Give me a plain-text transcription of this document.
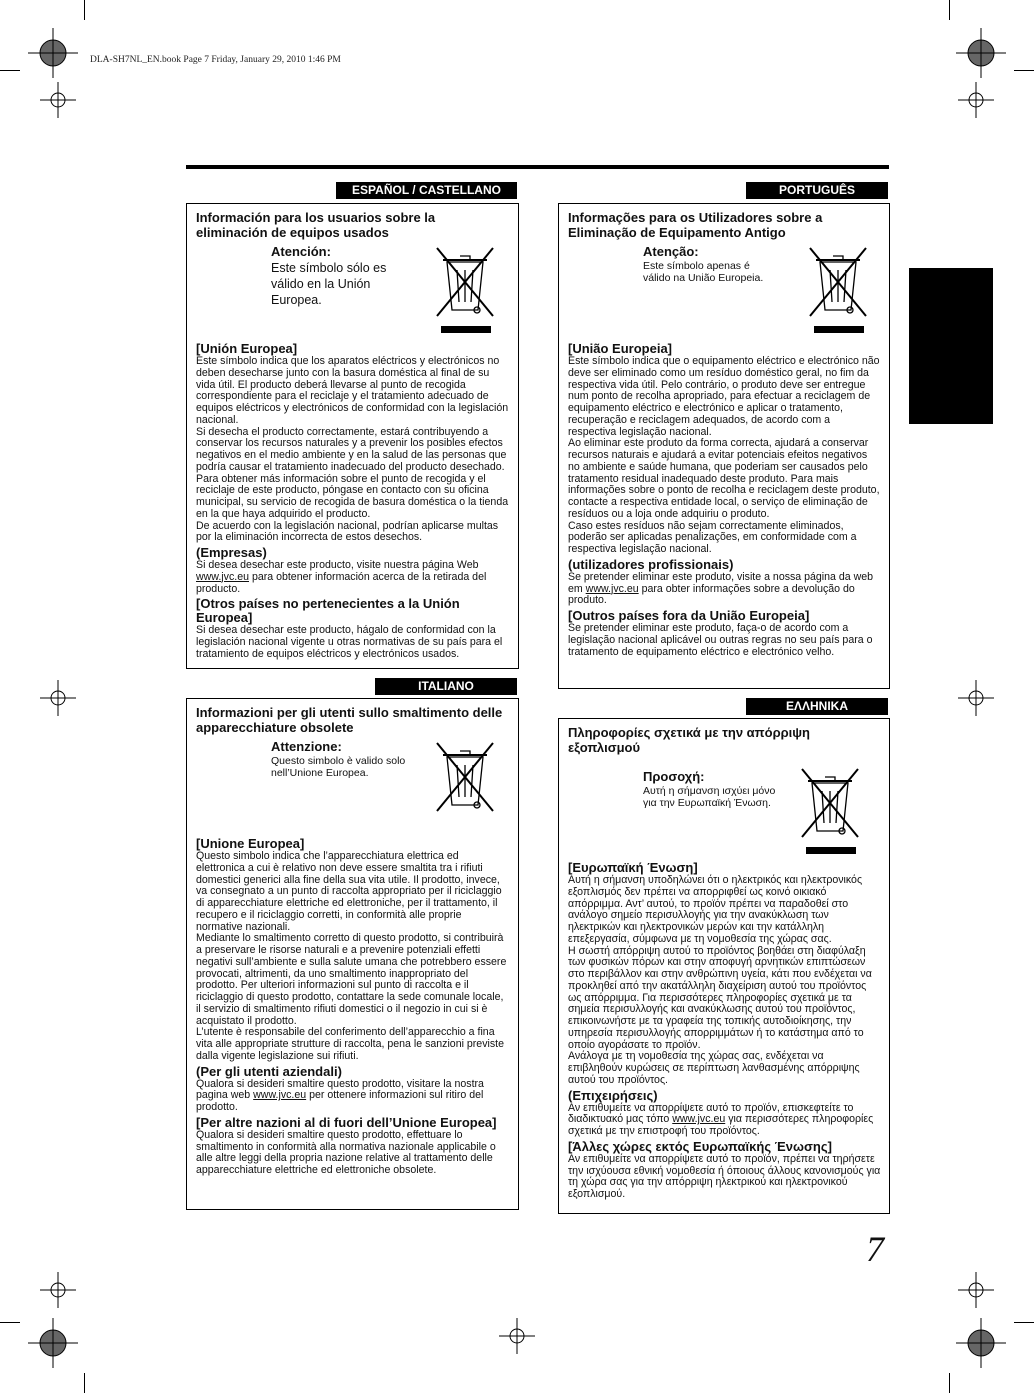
DLA-SH7NL_EN.book Page 7 Friday, January 29, 2010 1:46 PM
ESPAÑOL / CASTELLANO
Información para los usuarios sobre la eliminación de equipos usados
Atención:
Este símbolo sólo es válido en la Unión Europea.
[Unión Europea]
Este símbolo indica que los aparatos eléctricos y electrónicos no deben desecharse junto con la basura doméstica al final de su vida útil. El producto deberá llevarse al punto de recogida correspondiente para el reciclaje y el tratamiento adecuado de equipos eléctricos y electrónicos de conformidad con la legislación nacional.
Si desecha el producto correctamente, estará contribuyendo a conservar los recursos naturales y a prevenir los posibles efectos negativos en el medio ambiente y en la salud de las personas que podría causar el tratamiento inadecuado del producto desechado. Para obtener más información sobre el punto de recogida y el reciclaje de este producto, póngase en contacto con su oficina municipal, su servicio de recogida de basura doméstica o la tienda en la que haya adquirido el producto.
De acuerdo con la legislación nacional, podrían aplicarse multas por la eliminación incorrecta de estos desechos.
(Empresas)
Si desea desechar este producto, visite nuestra página Web www.jvc.eu para obtener información acerca de la retirada del producto.
[Otros países no pertenecientes a la Unión Europea]
Si desea desechar este producto, hágalo de conformidad con la legislación nacional vigente u otras normativas de su país para el tratamiento de equipos eléctricos y electrónicos usados.
PORTUGUÊS
Informações para os Utilizadores sobre a Eliminação de Equipamento Antigo
Atenção:
Este símbolo apenas é válido na União Europeia.
[União Europeia]
Este símbolo indica que o equipamento eléctrico e electrónico não deve ser eliminado como um resíduo doméstico geral, no fim da respectiva vida útil. Pelo contrário, o produto deve ser entregue num ponto de recolha apropriado, para efectuar a reciclagem de equipamento eléctrico e electrónico e aplicar o tratamento, recuperação e reciclagem adequados, de acordo com a respectiva legislação nacional.
Ao eliminar este produto da forma correcta, ajudará a conservar recursos naturais e ajudará a evitar potenciais efeitos negativos no ambiente e saúde humana, que poderiam ser causados pelo tratamento residual inadequado deste produto. Para mais informações sobre o ponto de recolha e reciclagem deste produto, contacte a respectiva entidade local, o serviço de eliminação de resíduos ou a loja onde adquiriu o produto.
Caso estes resíduos não sejam correctamente eliminados, poderão ser aplicadas penalizações, em conformidade com a respectiva legislação nacional.
(utilizadores profissionais)
Se pretender eliminar este produto, visite a nossa página da web em www.jvc.eu para obter informações sobre a devolução do produto.
[Outros países fora da União Europeia]
Se pretender eliminar este produto, faça-o de acordo com a legislação nacional aplicável ou outras regras no seu país para o tratamento de equipamento eléctrico e electrónico velho.
ITALIANO
Informazioni per gli utenti sullo smaltimento delle apparecchiature obsolete
Attenzione:
Questo simbolo è valido solo nell’Unione Europea.
[Unione Europea]
Questo simbolo indica che l’apparecchiatura elettrica ed elettronica a cui è relativo non deve essere smaltita tra i rifiuti domestici generici alla fine della sua vita utile. Il prodotto, invece, va consegnato a un punto di raccolta appropriato per il riciclaggio di apparecchiature elettriche ed elettroniche, per il trattamento, il recupero e il riciclaggio corretti, in conformità alle proprie normative nazionali.
Mediante lo smaltimento corretto di questo prodotto, si contribuirà a preservare le risorse naturali e a prevenire potenziali effetti negativi sull’ambiente e sulla salute umana che potrebbero essere provocati, altrimenti, da uno smaltimento inappropriato del prodotto. Per ulteriori informazioni sul punto di raccolta e il riciclaggio di questo prodotto, contattare la sede comunale locale, il servizio di smaltimento rifiuti domestici o il negozio in cui si è acquistato il prodotto.
L’utente è responsabile del conferimento dell’apparecchio a fina vita alle appropriate strutture di raccolta, pena le sanzioni previste dalla vigente legislazione sui rifiuti.
(Per gli utenti aziendali)
Qualora si desideri smaltire questo prodotto, visitare la nostra pagina web www.jvc.eu per ottenere informazioni sul ritiro del prodotto.
[Per altre nazioni al di fuori dell’Unione Europea]
Qualora si desideri smaltire questo prodotto, effettuare lo smaltimento in conformità alla normativa nazionale applicabile o alle altre leggi della propria nazione relative al trattamento delle apparecchiature elettriche ed elettroniche obsolete.
ΕΛΛΗΝΙΚΑ
Πληροφορίες σχετικά με την απόρριψη εξοπλισμού
Προσοχή:
Αυτή η σήμανση ισχύει μόνο για την Ευρωπαϊκή Ένωση.
[Ευρωπαϊκή Ένωση]
Αυτή η σήμανση υποδηλώνει ότι ο ηλεκτρικός και ηλεκτρονικός εξοπλισμός δεν πρέπει να απορριφθεί ως κοινό οικιακό απόρριμμα. Αντ’ αυτού, το προϊόν πρέπει να παραδοθεί στο ανάλογο σημείο περισυλλογής για την ανακύκλωση των ηλεκτρικών και ηλεκτρονικών μερών και την κατάλληλη επεξεργασία, σύμφωνα με τη νομοθεσία της χώρας σας.
Η σωστή απόρριψη αυτού το προϊόντος βοηθάει στη διαφύλαξη των φυσικών πόρων και στην αποφυγή αρνητικών επιπτώσεων στο περιβάλλον και στην ανθρώπινη υγεία, κάτι που ενδέχεται να προκληθεί από την ακατάλληλη διαχείριση αυτού του προϊόντος ως απόρριμμα. Για περισσότερες πληροφορίες σχετικά με τα σημεία περισυλλογής και ανακύκλωσης αυτού του προϊόντος, επικοινωνήστε με τα γραφεία της τοπικής αυτοδιοίκησης, την υπηρεσία περισυλλογής απορριμμάτων ή το κατάστημα από το οποίο αγοράσατε το προϊόν.
Ανάλογα με τη νομοθεσία της χώρας σας, ενδέχεται να επιβληθούν κυρώσεις σε περίπτωση λανθασμένης απόρριψης αυτού του προϊόντος.
(Επιχειρήσεις)
Αν επιθυμείτε να απορρίψετε αυτό το προϊόν, επισκεφτείτε το διαδικτυακό μας τόπο www.jvc.eu για περισσότερες πληροφορίες σχετικά με την επιστροφή του προϊόντος.
[Άλλες χώρες εκτός Ευρωπαϊκής Ένωσης]
Αν επιθυμείτε να απορρίψετε αυτό το προϊόν, πρέπει να τηρήσετε την ισχύουσα εθνική νομοθεσία ή όποιους άλλους κανονισμούς για τη χώρα σας για την απόρριψη ηλεκτρικού και ηλεκτρονικού εξοπλισμού.
7
